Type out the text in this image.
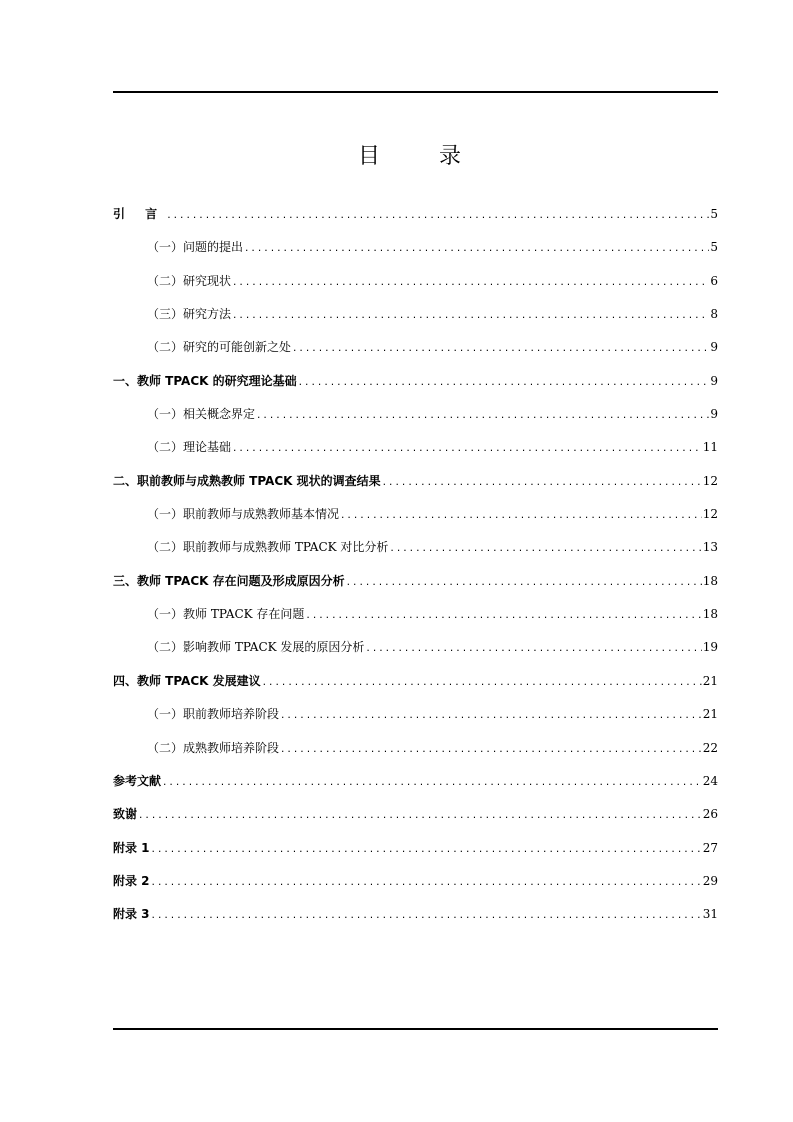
目 录
引 言 .....	5
（一）问题的提出 .....	5
（二）研究现状 .....	6
（三）研究方法 .....	8
（二）研究的可能创新之处 .....	9
一、教师 TPACK 的研究理论基础 .....	9
（一）相关概念界定 .....	9
（二）理论基础 .....	11
二、职前教师与成熟教师 TPACK 现状的调查结果 .....	12
（一）职前教师与成熟教师基本情况 .....	12
（二）职前教师与成熟教师 TPACK 对比分析 .....	13
三、教师 TPACK 存在问题及形成原因分析 .....	18
（一）教师 TPACK 存在问题 .....	18
（二）影响教师 TPACK 发展的原因分析 .....	19
四、教师 TPACK 发展建议 .....	21
（一）职前教师培养阶段 .....	21
（二）成熟教师培养阶段 .....	22
参考文献 .....	24
致谢 .....	26
附录 1 .....	27
附录 2 .....	29
附录 3 .....	31
